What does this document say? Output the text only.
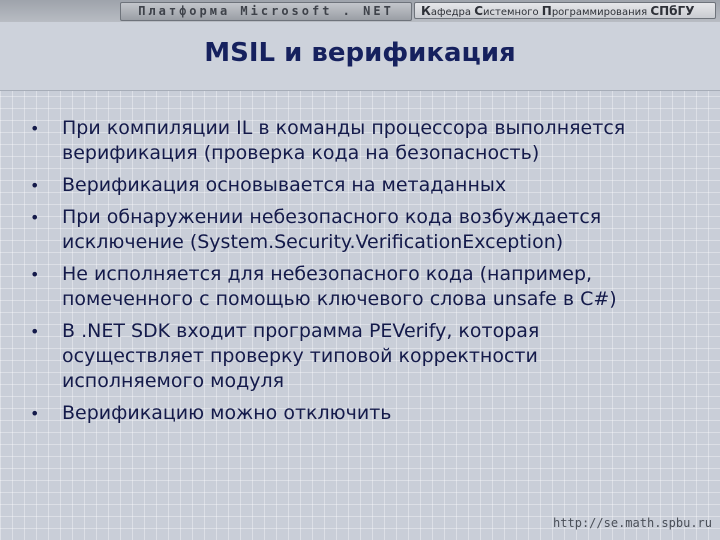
Платформа Microsoft . NET	Кафедра Системного Программирования СПбГУ
MSIL и верификация
• При компиляции IL в команды процессора выполняется верификация (проверка кода на безопасность)
• Верификация основывается на метаданных
• При обнаружении небезопасного кода возбуждается исключение (System.Security.VerificationException)
• Не исполняется для небезопасного кода (например, помеченного с помощью ключевого слова unsafe в C#)
• В .NET SDK входит программа PEVerify, которая осуществляет проверку типовой корректности исполняемого модуля
• Верификацию можно отключить
http://se.math.spbu.ru
